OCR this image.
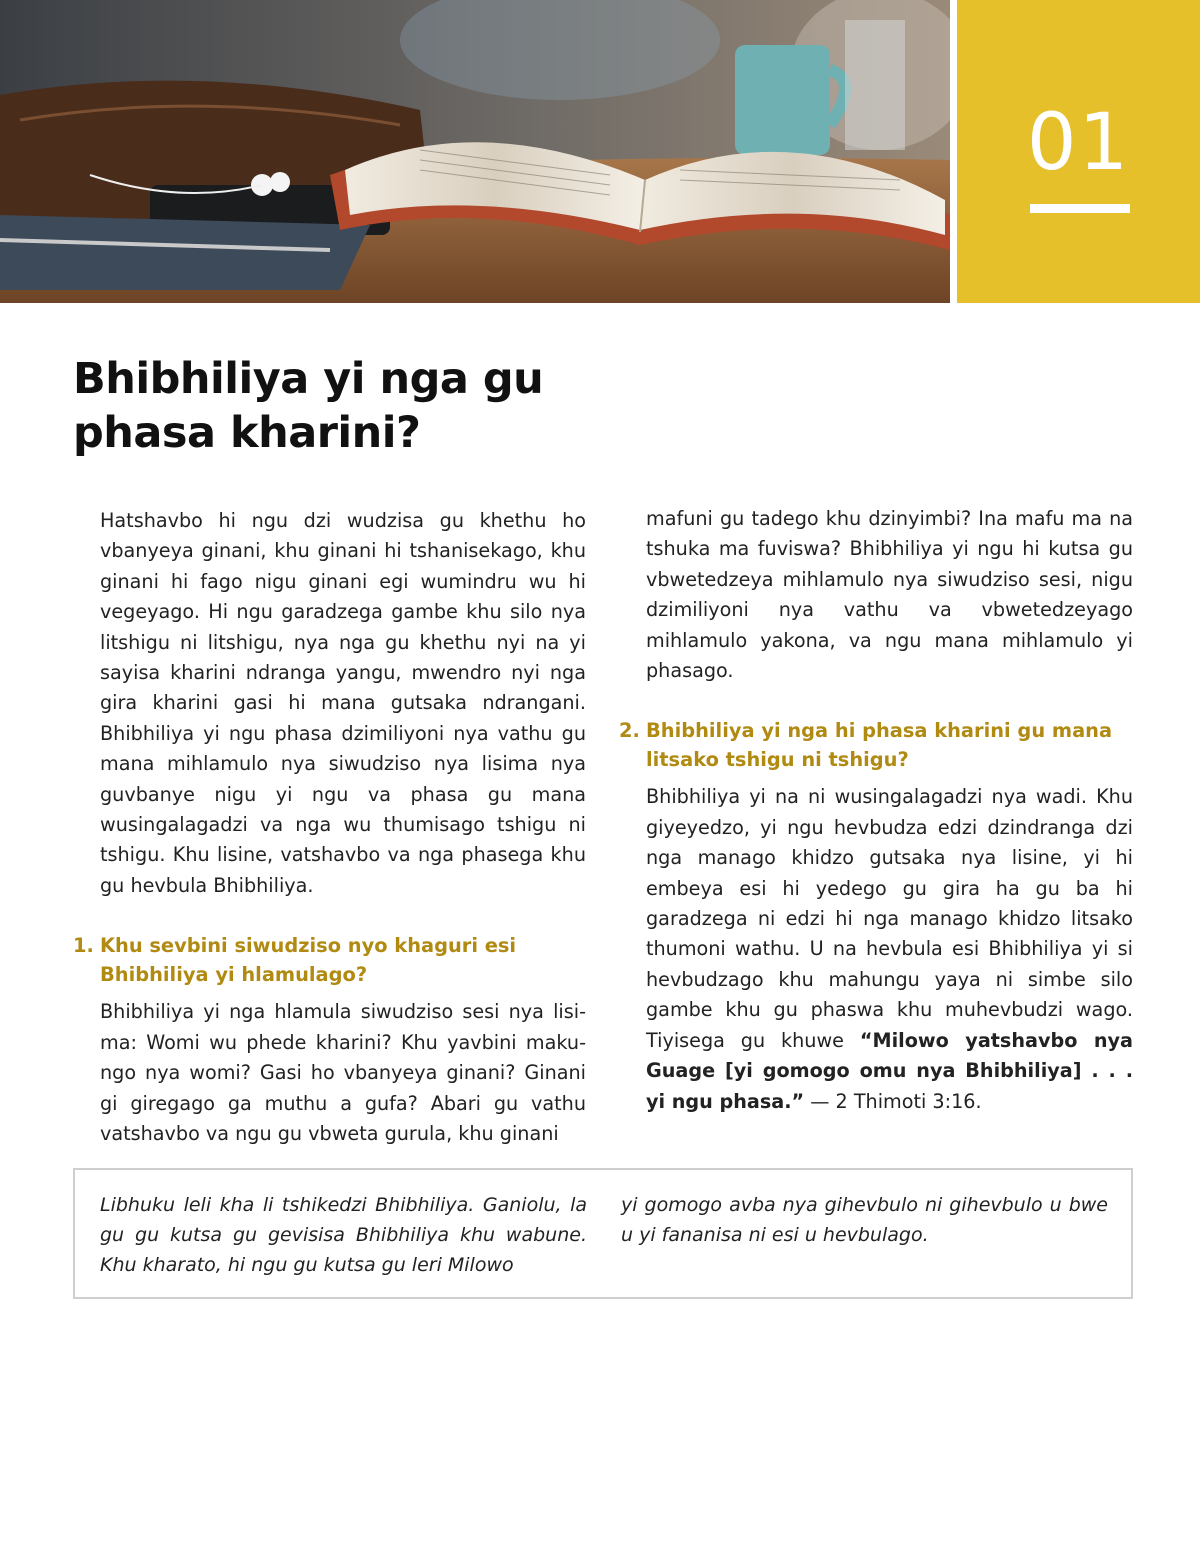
01
Bhibhiliya yi nga gu phasa kharini?

Hatshavbo hi ngu dzi wudzisa gu khethu ho vbanyeya ginani, khu ginani hi tshanisekago, khu ginani hi fago nigu ginani egi wumindru wu hi vegeyago. Hi ngu garadzega gambe khu silo nya litshigu ni litshigu, nya nga gu khethu nyi na yi sayisa kharini ndranga yangu, mwendro nyi nga gira kharini gasi hi mana gutsaka ndrangani. Bhibhiliya yi ngu phasa dzimiliyoni nya vathu gu mana mihlamulo nya siwudziso nya lisima nya guvbanye nigu yi ngu va phasa gu mana wusingalagadzi va nga wu thumisago tshigu ni tshigu. Khu lisine, vatshavbo va nga phasega khu gu hevbula Bhibhiliya.

1. Khu sevbini siwudziso nyo khaguri esi Bhibhiliya yi hlamulago?

Bhibhiliya yi nga hlamula siwudziso sesi nya lisima: Womi wu phede kharini? Khu yavbini makungo nya womi? Gasi ho vbanyeya ginani? Ginani gi giregago ga muthu a gufa? Abari gu vathu vatshavbo va ngu gu vbweta gurula, khu ginani

mafuni gu tadego khu dzinyimbi? Ina mafu ma na tshuka ma fuviswa? Bhibhiliya yi ngu hi kutsa gu vbwetedzeya mihlamulo nya siwudziso sesi, nigu dzimiliyoni nya vathu va vbwetedzeyago mihlamulo yakona, va ngu mana mihlamulo yi phasago.

2. Bhibhiliya yi nga hi phasa kharini gu mana litsako tshigu ni tshigu?

Bhibhiliya yi na ni wusingalagadzi nya wadi. Khu giyeyedzo, yi ngu hevbudza edzi dzindranga dzi nga manago khidzo gutsaka nya lisine, yi hi embeya esi hi yedego gu gira ha gu ba hi garadzega ni edzi hi nga manago khidzo litsako thumoni wathu. U na hevbula esi Bhibhiliya yi si hevbudzago khu mahungu yaya ni simbe silo gambe khu gu phaswa khu muhevbudzi wago. Tiyisega gu khuwe “Milowo yatshavbo nya Guage [yi gomogo omu nya Bhibhiliya] . . . yi ngu phasa.” — 2 Thimoti 3:16.

Libhuku leli kha li tshikedzi Bhibhiliya. Ganiolu, la gu gu kutsa gu gevisisa Bhibhiliya khu wabune. Khu kharato, hi ngu gu kutsa gu leri Milowo

yi gomogo avba nya gihevbulo ni gihevbulo u bwe u yi fananisa ni esi u hevbulago.
